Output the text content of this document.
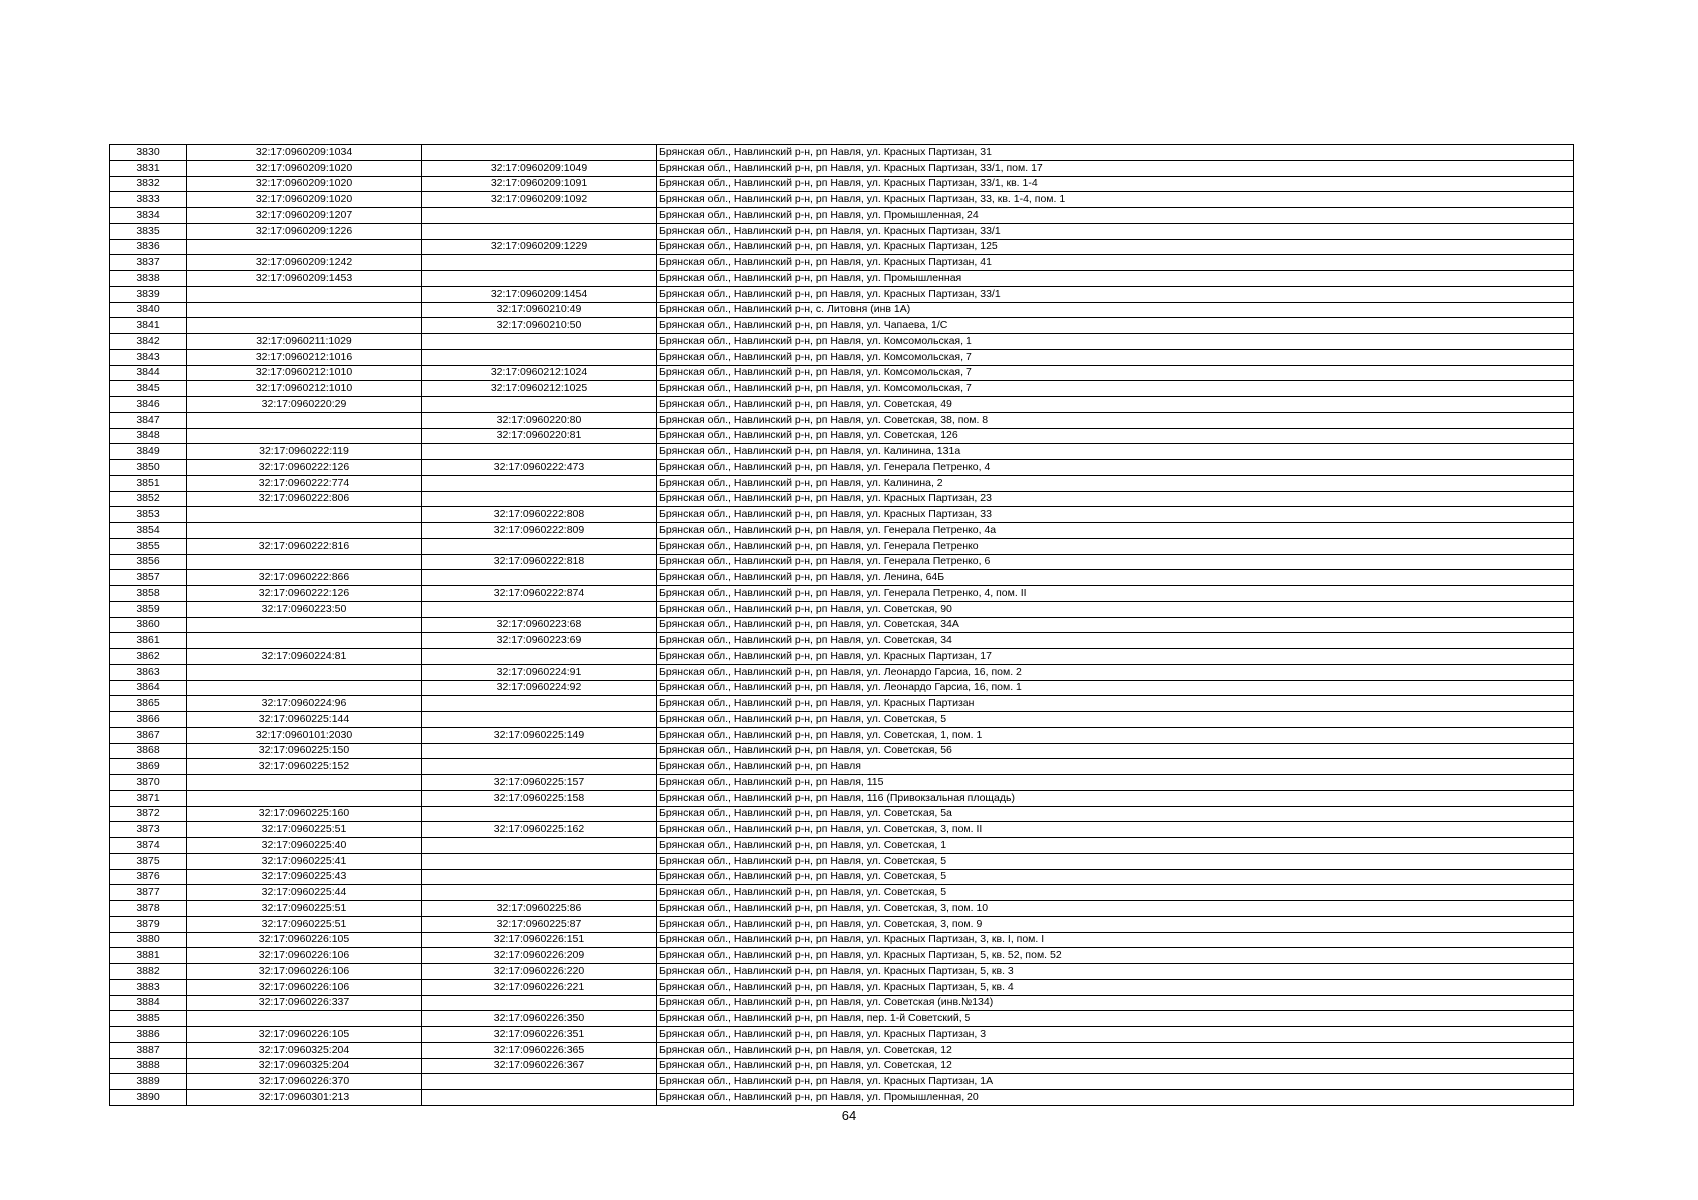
3830	32:17:0960209:1034		Брянская обл., Навлинский р-н, рп Навля, ул. Красных Партизан, 31
3831	32:17:0960209:1020	32:17:0960209:1049	Брянская обл., Навлинский р-н, рп Навля, ул. Красных Партизан, 33/1, пом. 17
3832	32:17:0960209:1020	32:17:0960209:1091	Брянская обл., Навлинский р-н, рп Навля, ул. Красных Партизан, 33/1, кв. 1-4
3833	32:17:0960209:1020	32:17:0960209:1092	Брянская обл., Навлинский р-н, рп Навля, ул. Красных Партизан, 33, кв. 1-4, пом. 1
3834	32:17:0960209:1207		Брянская обл., Навлинский р-н, рп Навля, ул. Промышленная, 24
3835	32:17:0960209:1226		Брянская обл., Навлинский р-н, рп Навля, ул. Красных Партизан, 33/1
3836		32:17:0960209:1229	Брянская обл., Навлинский р-н, рп Навля, ул. Красных Партизан, 125
3837	32:17:0960209:1242		Брянская обл., Навлинский р-н, рп Навля, ул. Красных Партизан, 41
3838	32:17:0960209:1453		Брянская обл., Навлинский р-н, рп Навля, ул. Промышленная
3839		32:17:0960209:1454	Брянская обл., Навлинский р-н, рп Навля, ул. Красных Партизан, 33/1
3840		32:17:0960210:49	Брянская обл., Навлинский р-н, с. Литовня (инв 1А)
3841		32:17:0960210:50	Брянская обл., Навлинский р-н, рп Навля, ул. Чапаева, 1/С
3842	32:17:0960211:1029		Брянская обл., Навлинский р-н, рп Навля, ул. Комсомольская, 1
3843	32:17:0960212:1016		Брянская обл., Навлинский р-н, рп Навля, ул. Комсомольская, 7
3844	32:17:0960212:1010	32:17:0960212:1024	Брянская обл., Навлинский р-н, рп Навля, ул. Комсомольская, 7
3845	32:17:0960212:1010	32:17:0960212:1025	Брянская обл., Навлинский р-н, рп Навля, ул. Комсомольская, 7
3846	32:17:0960220:29		Брянская обл., Навлинский р-н, рп Навля, ул. Советская, 49
3847		32:17:0960220:80	Брянская обл., Навлинский р-н, рп Навля, ул. Советская, 38, пом. 8
3848		32:17:0960220:81	Брянская обл., Навлинский р-н, рп Навля, ул. Советская, 126
3849	32:17:0960222:119		Брянская обл., Навлинский р-н, рп Навля, ул. Калинина, 131а
3850	32:17:0960222:126	32:17:0960222:473	Брянская обл., Навлинский р-н, рп Навля, ул. Генерала Петренко, 4
3851	32:17:0960222:774		Брянская обл., Навлинский р-н, рп Навля, ул. Калинина, 2
3852	32:17:0960222:806		Брянская обл., Навлинский р-н, рп Навля, ул. Красных Партизан, 23
3853		32:17:0960222:808	Брянская обл., Навлинский р-н, рп Навля, ул. Красных Партизан, 33
3854		32:17:0960222:809	Брянская обл., Навлинский р-н, рп Навля, ул. Генерала Петренко, 4а
3855	32:17:0960222:816		Брянская обл., Навлинский р-н, рп Навля, ул. Генерала Петренко
3856		32:17:0960222:818	Брянская обл., Навлинский р-н, рп Навля, ул. Генерала Петренко, 6
3857	32:17:0960222:866		Брянская обл., Навлинский р-н, рп Навля, ул. Ленина, 64Б
3858	32:17:0960222:126	32:17:0960222:874	Брянская обл., Навлинский р-н, рп Навля, ул. Генерала Петренко, 4, пом. II
3859	32:17:0960223:50		Брянская обл., Навлинский р-н, рп Навля, ул. Советская, 90
3860		32:17:0960223:68	Брянская обл., Навлинский р-н, рп Навля, ул. Советская, 34А
3861		32:17:0960223:69	Брянская обл., Навлинский р-н, рп Навля, ул. Советская, 34
3862	32:17:0960224:81		Брянская обл., Навлинский р-н, рп Навля, ул. Красных Партизан, 17
3863		32:17:0960224:91	Брянская обл., Навлинский р-н, рп Навля, ул. Леонардо Гарсиа, 16, пом. 2
3864		32:17:0960224:92	Брянская обл., Навлинский р-н, рп Навля, ул. Леонардо Гарсиа, 16, пом. 1
3865	32:17:0960224:96		Брянская обл., Навлинский р-н, рп Навля, ул. Красных Партизан
3866	32:17:0960225:144		Брянская обл., Навлинский р-н, рп Навля, ул. Советская, 5
3867	32:17:0960101:2030	32:17:0960225:149	Брянская обл., Навлинский р-н, рп Навля, ул. Советская, 1, пом. 1
3868	32:17:0960225:150		Брянская обл., Навлинский р-н, рп Навля, ул. Советская, 56
3869	32:17:0960225:152		Брянская обл., Навлинский р-н, рп Навля
3870		32:17:0960225:157	Брянская обл., Навлинский р-н, рп Навля, 115
3871		32:17:0960225:158	Брянская обл., Навлинский р-н, рп Навля, 116 (Привокзальная площадь)
3872	32:17:0960225:160		Брянская обл., Навлинский р-н, рп Навля, ул. Советская, 5а
3873	32:17:0960225:51	32:17:0960225:162	Брянская обл., Навлинский р-н, рп Навля, ул. Советская, 3, пом. II
3874	32:17:0960225:40		Брянская обл., Навлинский р-н, рп Навля, ул. Советская, 1
3875	32:17:0960225:41		Брянская обл., Навлинский р-н, рп Навля, ул. Советская, 5
3876	32:17:0960225:43		Брянская обл., Навлинский р-н, рп Навля, ул. Советская, 5
3877	32:17:0960225:44		Брянская обл., Навлинский р-н, рп Навля, ул. Советская, 5
3878	32:17:0960225:51	32:17:0960225:86	Брянская обл., Навлинский р-н, рп Навля, ул. Советская, 3, пом. 10
3879	32:17:0960225:51	32:17:0960225:87	Брянская обл., Навлинский р-н, рп Навля, ул. Советская, 3, пом. 9
3880	32:17:0960226:105	32:17:0960226:151	Брянская обл., Навлинский р-н, рп Навля, ул. Красных Партизан, 3, кв. I, пом. I
3881	32:17:0960226:106	32:17:0960226:209	Брянская обл., Навлинский р-н, рп Навля, ул. Красных Партизан, 5, кв. 52, пом. 52
3882	32:17:0960226:106	32:17:0960226:220	Брянская обл., Навлинский р-н, рп Навля, ул. Красных Партизан, 5, кв. 3
3883	32:17:0960226:106	32:17:0960226:221	Брянская обл., Навлинский р-н, рп Навля, ул. Красных Партизан, 5, кв. 4
3884	32:17:0960226:337		Брянская обл., Навлинский р-н, рп Навля, ул. Советская (инв.№134)
3885		32:17:0960226:350	Брянская обл., Навлинский р-н, рп Навля, пер. 1-й Советский, 5
3886	32:17:0960226:105	32:17:0960226:351	Брянская обл., Навлинский р-н, рп Навля, ул. Красных Партизан, 3
3887	32:17:0960325:204	32:17:0960226:365	Брянская обл., Навлинский р-н, рп Навля, ул. Советская, 12
3888	32:17:0960325:204	32:17:0960226:367	Брянская обл., Навлинский р-н, рп Навля, ул. Советская, 12
3889	32:17:0960226:370		Брянская обл., Навлинский р-н, рп Навля, ул. Красных Партизан, 1А
3890	32:17:0960301:213		Брянская обл., Навлинский р-н, рп Навля, ул. Промышленная, 20
64
